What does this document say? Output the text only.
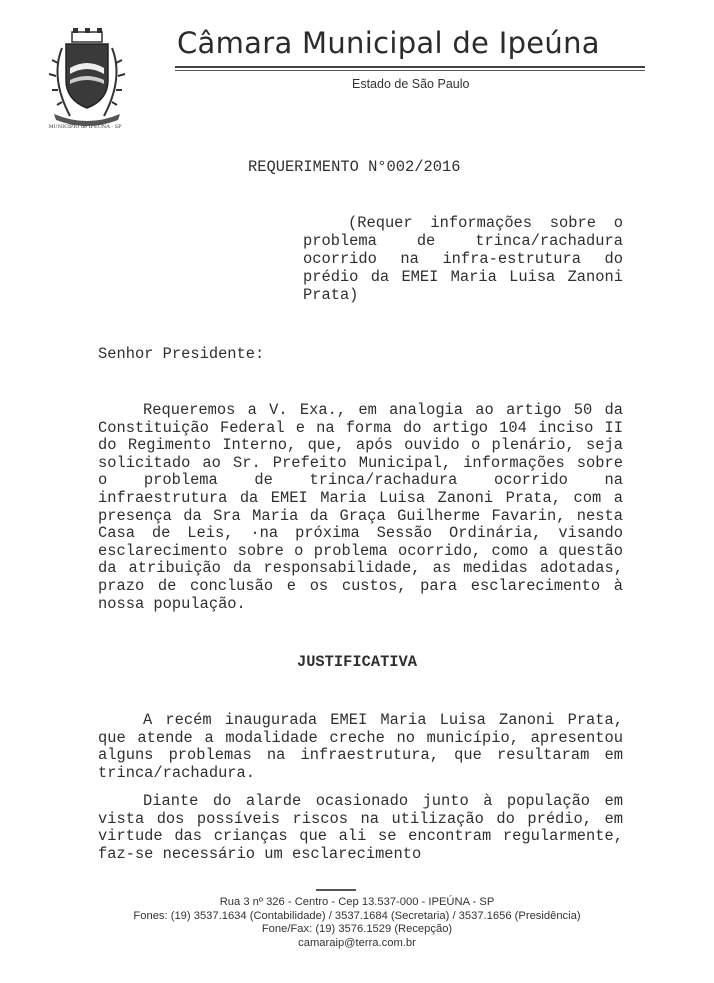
MUNICÍPIO de IPEÚNA - SP
Câmara Municipal de Ipeúna
Estado de São Paulo
REQUERIMENTO N°002/2016
(Requer informações sobre o problema de trinca/rachadura ocorrido na infra-estrutura do prédio da EMEI Maria Luisa Zanoni Prata)
Senhor Presidente:
Requeremos a V. Exa., em analogia ao artigo 50 da Constituição Federal e na forma do artigo 104 inciso II do Regimento Interno, que, após ouvido o plenário, seja solicitado ao Sr. Prefeito Municipal, informações sobre o problema de trinca/rachadura ocorrido na infraestrutura da EMEI Maria Luisa Zanoni Prata, com a presença da Sra Maria da Graça Guilherme Favarin, nesta Casa de Leis, ·na próxima Sessão Ordinária, visando esclarecimento sobre o problema ocorrido, como a questão da atribuição da responsabilidade, as medidas adotadas, prazo de conclusão e os custos, para esclarecimento à nossa população.
JUSTIFICATIVA
A recém inaugurada EMEI Maria Luisa Zanoni Prata, que atende a modalidade creche no município, apresentou alguns problemas na infraestrutura, que resultaram em trinca/rachadura.
Diante do alarde ocasionado junto à população em vista dos possíveis riscos na utilização do prédio, em virtude das crianças que ali se encontram regularmente, faz-se necessário um esclarecimento
Rua 3 nº 326 - Centro - Cep 13.537-000 - IPEÚNA - SP
Fones: (19) 3537.1634 (Contabilidade) / 3537.1684 (Secretaria) / 3537.1656 (Presidência)
Fone/Fax: (19) 3576.1529 (Recepção)
camaraip@terra.com.br
